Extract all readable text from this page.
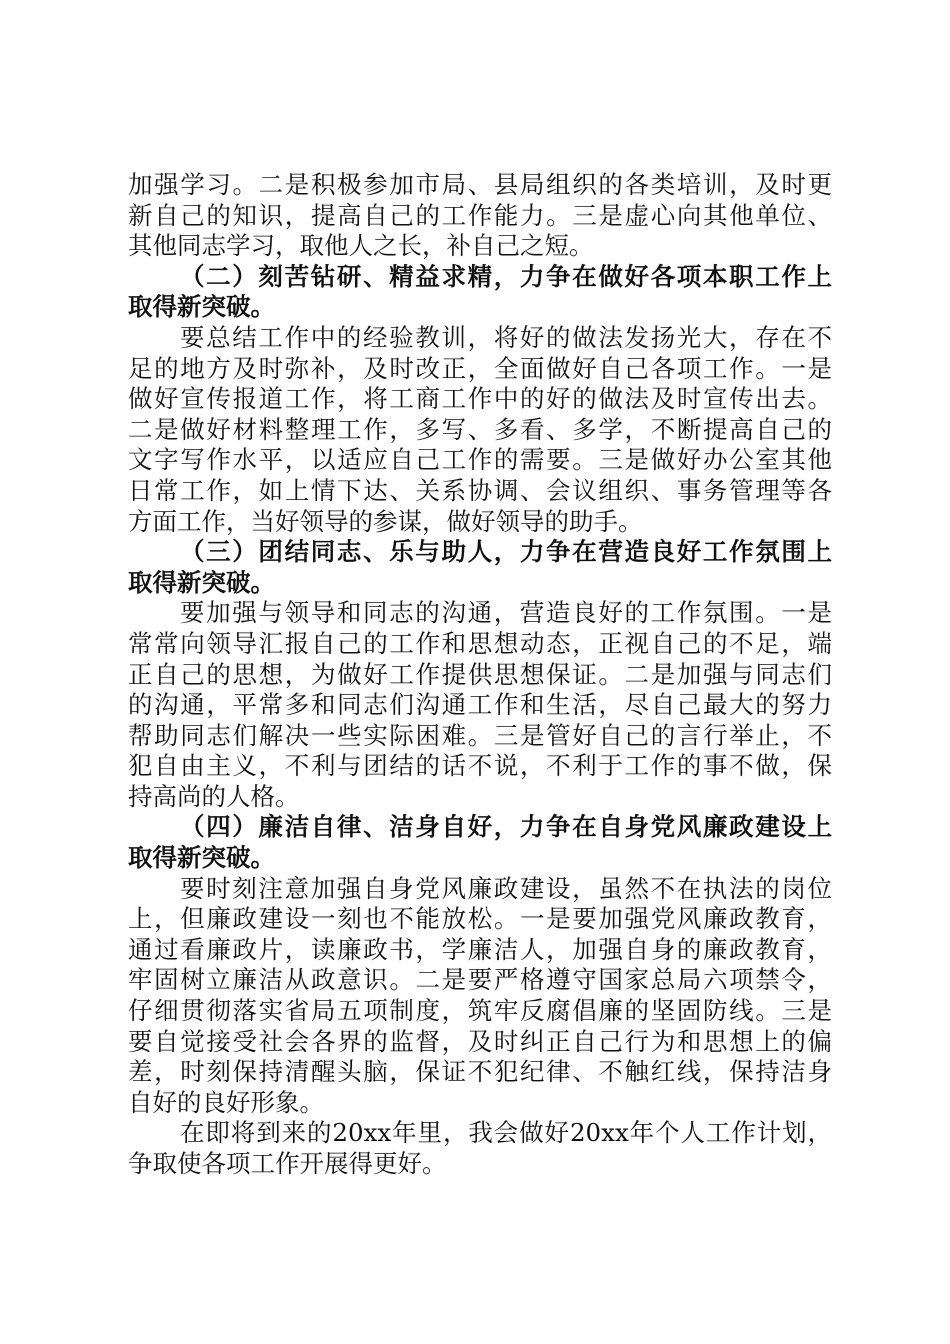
加强学习。二是积极参加市局、县局组织的各类培训，及时更
新自己的知识，提高自己的工作能力。三是虚心向其他单位、
其他同志学习，取他人之长，补自己之短。
（二）刻苦钻研、精益求精，力争在做好各项本职工作上
取得新突破。
要总结工作中的经验教训，将好的做法发扬光大，存在不
足的地方及时弥补，及时改正，全面做好自己各项工作。一是
做好宣传报道工作，将工商工作中的好的做法及时宣传出去。
二是做好材料整理工作，多写、多看、多学，不断提高自己的
文字写作水平，以适应自己工作的需要。三是做好办公室其他
日常工作，如上情下达、关系协调、会议组织、事务管理等各
方面工作，当好领导的参谋，做好领导的助手。
（三）团结同志、乐与助人，力争在营造良好工作氛围上
取得新突破。
要加强与领导和同志的沟通，营造良好的工作氛围。一是
常常向领导汇报自己的工作和思想动态，正视自己的不足，端
正自己的思想，为做好工作提供思想保证。二是加强与同志们
的沟通，平常多和同志们沟通工作和生活，尽自己最大的努力
帮助同志们解决一些实际困难。三是管好自己的言行举止，不
犯自由主义，不利与团结的话不说，不利于工作的事不做，保
持高尚的人格。
（四）廉洁自律、洁身自好，力争在自身党风廉政建设上
取得新突破。
要时刻注意加强自身党风廉政建设，虽然不在执法的岗位
上，但廉政建设一刻也不能放松。一是要加强党风廉政教育，
通过看廉政片，读廉政书，学廉洁人，加强自身的廉政教育，
牢固树立廉洁从政意识。二是要严格遵守国家总局六项禁令，
仔细贯彻落实省局五项制度，筑牢反腐倡廉的坚固防线。三是
要自觉接受社会各界的监督，及时纠正自己行为和思想上的偏
差，时刻保持清醒头脑，保证不犯纪律、不触红线，保持洁身
自好的良好形象。
在即将到来的20xx年里，我会做好20xx年个人工作计划，
争取使各项工作开展得更好。
